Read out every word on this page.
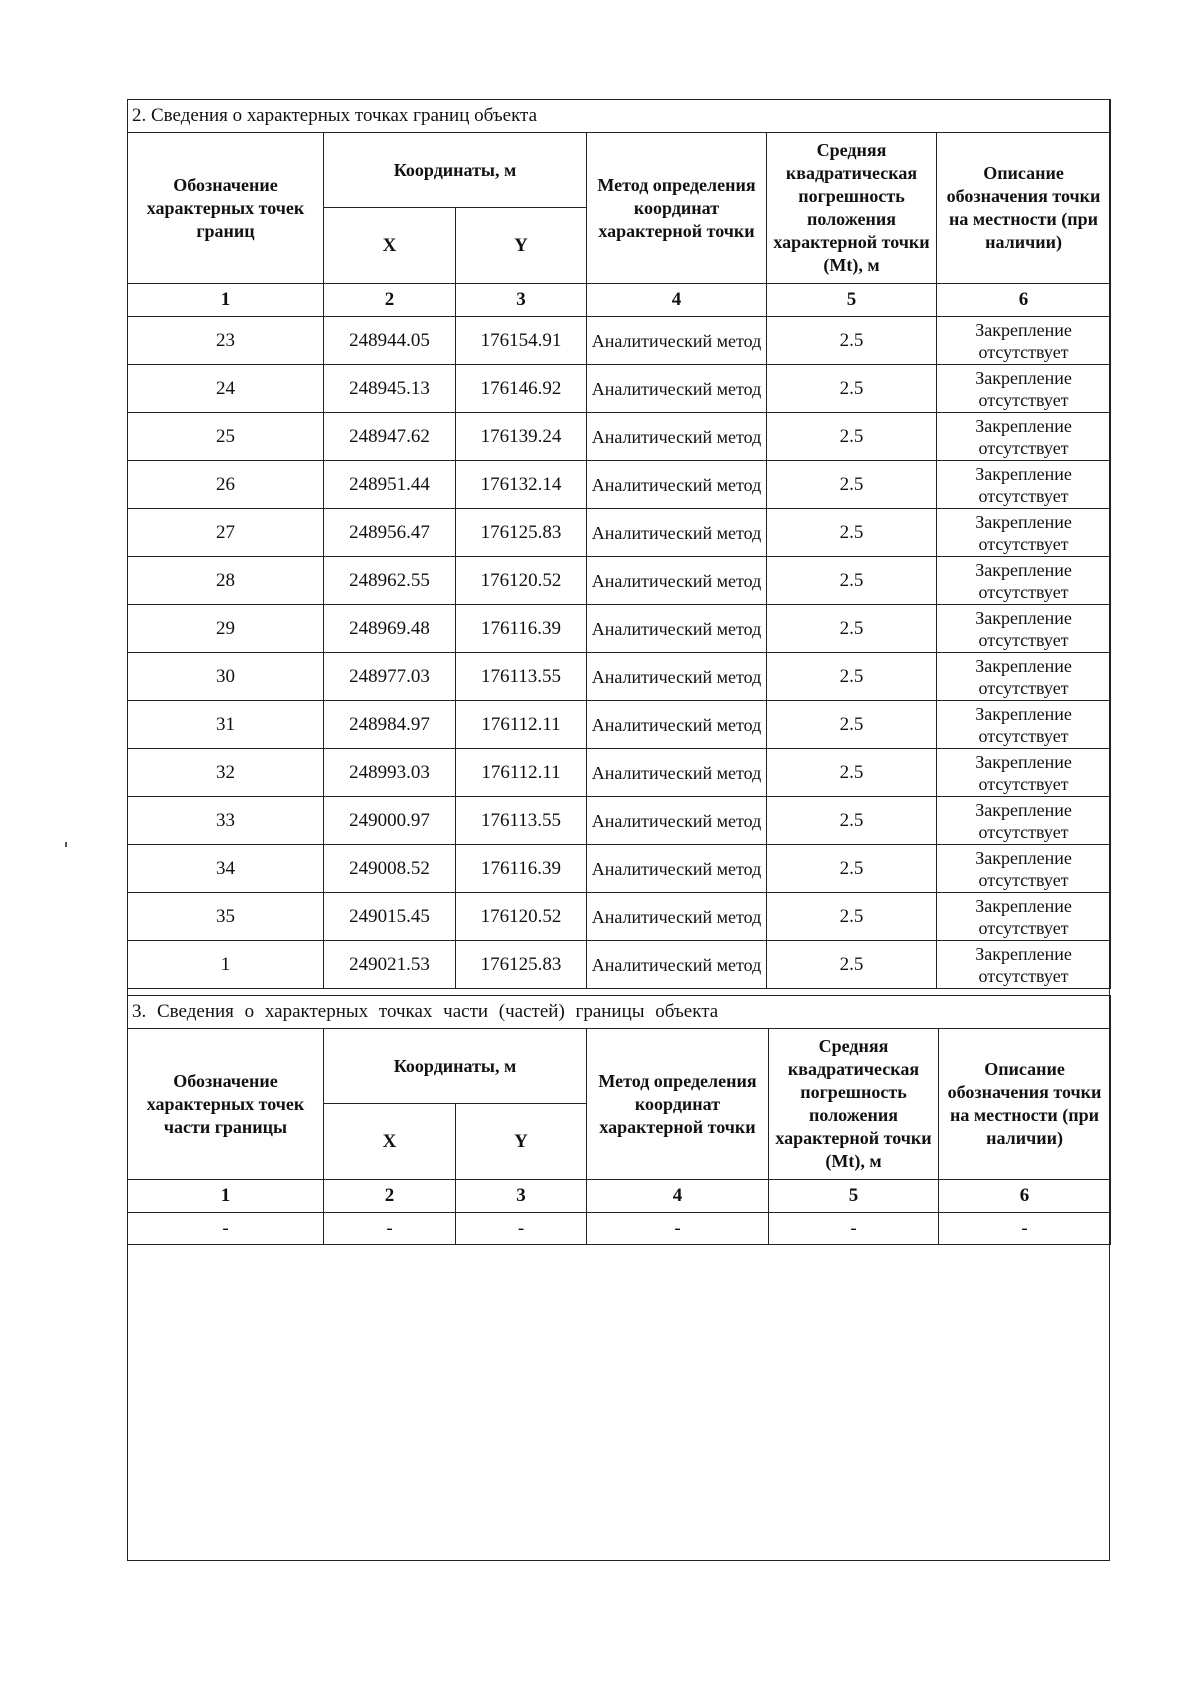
2. Сведения о характерных точках границ объекта					
Обозначение характерных точек границ	Координаты, м		Метод определения координат характерной точки	Средняя квадратическая погрешность положения характерной точки (Mt), м	Описание обозначения точки на местности (при наличии)
	X	Y			
1	2	3	4	5	6
23	248944.05	176154.91	Аналитический метод	2.5	Закрепление отсутствует
24	248945.13	176146.92	Аналитический метод	2.5	Закрепление отсутствует
25	248947.62	176139.24	Аналитический метод	2.5	Закрепление отсутствует
26	248951.44	176132.14	Аналитический метод	2.5	Закрепление отсутствует
27	248956.47	176125.83	Аналитический метод	2.5	Закрепление отсутствует
28	248962.55	176120.52	Аналитический метод	2.5	Закрепление отсутствует
29	248969.48	176116.39	Аналитический метод	2.5	Закрепление отсутствует
30	248977.03	176113.55	Аналитический метод	2.5	Закрепление отсутствует
31	248984.97	176112.11	Аналитический метод	2.5	Закрепление отсутствует
32	248993.03	176112.11	Аналитический метод	2.5	Закрепление отсутствует
33	249000.97	176113.55	Аналитический метод	2.5	Закрепление отсутствует
34	249008.52	176116.39	Аналитический метод	2.5	Закрепление отсутствует
35	249015.45	176120.52	Аналитический метод	2.5	Закрепление отсутствует
1	249021.53	176125.83	Аналитический метод	2.5	Закрепление отсутствует
3. Сведения о характерных точках части (частей) границы объекта					
Обозначение характерных точек части границы	Координаты, м		Метод определения координат характерной точки	Средняя квадратическая погрешность положения характерной точки (Mt), м	Описание обозначения точки на местности (при наличии)
	X	Y			
1	2	3	4	5	6
-	-	-	-	-	-
